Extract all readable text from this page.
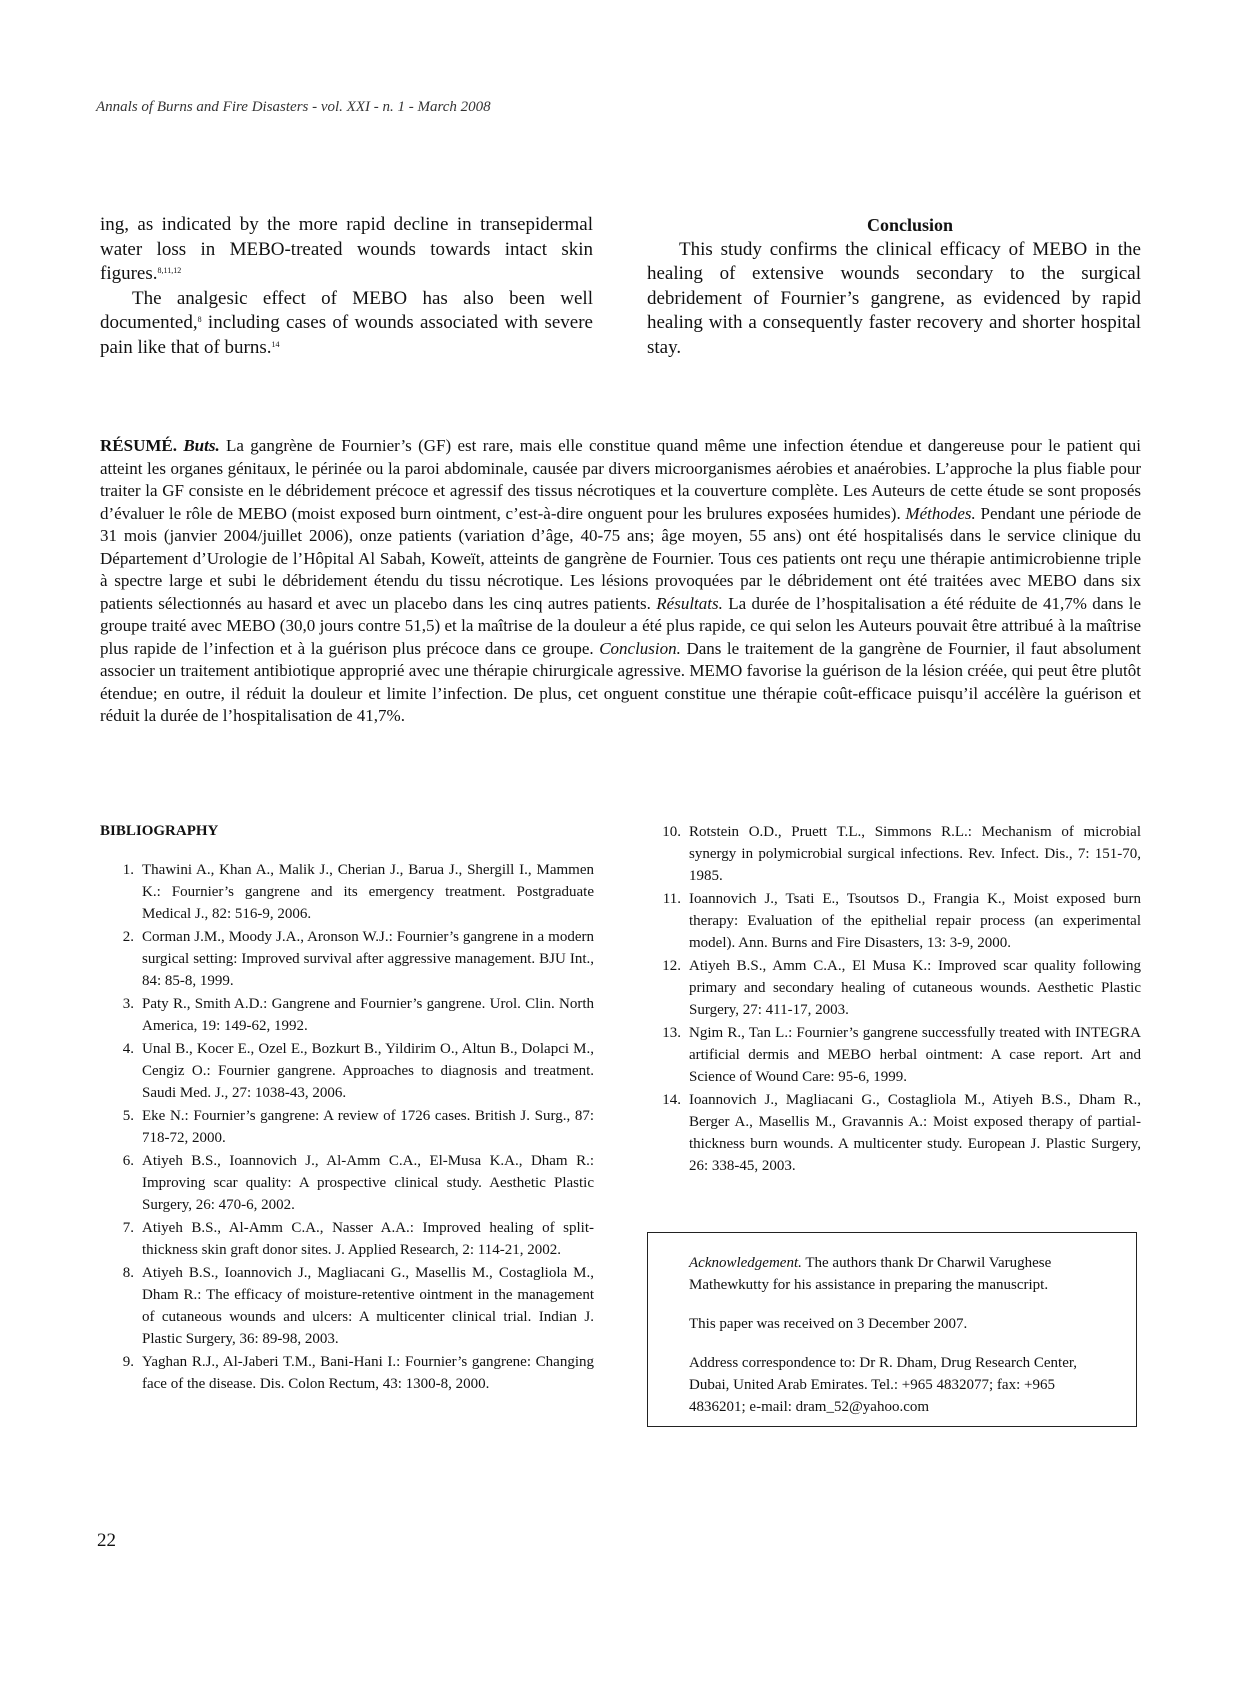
Annals of Burns and Fire Disasters - vol. XXI - n. 1 - March 2008

ing, as indicated by the more rapid decline in transepidermal water loss in MEBO-treated wounds towards intact skin figures.$^{8,11,12}$

The analgesic effect of MEBO has also been well documented,$^8$ including cases of wounds associated with severe pain like that of burns.$^{14}$

Conclusion

This study confirms the clinical efficacy of MEBO in the healing of extensive wounds secondary to the surgical debridement of Fournier’s gangrene, as evidenced by rapid healing with a consequently faster recovery and shorter hospital stay.

RÉSUMÉ. Buts. La gangrène de Fournier’s (GF) est rare, mais elle constitue quand même une infection étendue et dangereuse pour le patient qui atteint les organes génitaux, le périnée ou la paroi abdominale, causée par divers microorganismes aérobies et anaérobies. L’approche la plus fiable pour traiter la GF consiste en le débridement précoce et agressif des tissus nécrotiques et la couverture complète. Les Auteurs de cette étude se sont proposés d’évaluer le rôle de MEBO (moist exposed burn ointment, c’est-à-dire onguent pour les brulures exposées humides). Méthodes. Pendant une période de 31 mois (janvier 2004/juillet 2006), onze patients (variation d’âge, 40-75 ans; âge moyen, 55 ans) ont été hospitalisés dans le service clinique du Département d’Urologie de l’Hôpital Al Sabah, Koweït, atteints de gangrène de Fournier. Tous ces patients ont reçu une thérapie antimicrobienne triple à spectre large et subi le débridement étendu du tissu nécrotique. Les lésions provoquées par le débridement ont été traitées avec MEBO dans six patients sélectionnés au hasard et avec un placebo dans les cinq autres patients. Résultats. La durée de l’hospitalisation a été réduite de 41,7% dans le groupe traité avec MEBO (30,0 jours contre 51,5) et la maîtrise de la douleur a été plus rapide, ce qui selon les Auteurs pouvait être attribué à la maîtrise plus rapide de l’infection et à la guérison plus précoce dans ce groupe. Conclusion. Dans le traitement de la gangrène de Fournier, il faut absolument associer un traitement antibiotique approprié avec une thérapie chirurgicale agressive. MEMO favorise la guérison de la lésion créée, qui peut être plutôt étendue; en outre, il réduit la douleur et limite l’infection. De plus, cet onguent constitue une thérapie coût-efficace puisqu’il accélère la guérison et réduit la durée de l’hospitalisation de 41,7%.

BIBLIOGRAPHY
1. Thawini A., Khan A., Malik J., Cherian J., Barua J., Shergill I., Mammen K.: Fournier’s gangrene and its emergency treatment. Postgraduate Medical J., 82: 516-9, 2006.
2. Corman J.M., Moody J.A., Aronson W.J.: Fournier’s gangrene in a modern surgical setting: Improved survival after aggressive management. BJU Int., 84: 85-8, 1999.
3. Paty R., Smith A.D.: Gangrene and Fournier’s gangrene. Urol. Clin. North America, 19: 149-62, 1992.
4. Unal B., Kocer E., Ozel E., Bozkurt B., Yildirim O., Altun B., Dolapci M., Cengiz O.: Fournier gangrene. Approaches to diagnosis and treatment. Saudi Med. J., 27: 1038-43, 2006.
5. Eke N.: Fournier’s gangrene: A review of 1726 cases. British J. Surg., 87: 718-72, 2000.
6. Atiyeh B.S., Ioannovich J., Al-Amm C.A., El-Musa K.A., Dham R.: Improving scar quality: A prospective clinical study. Aesthetic Plastic Surgery, 26: 470-6, 2002.
7. Atiyeh B.S., Al-Amm C.A., Nasser A.A.: Improved healing of split-thickness skin graft donor sites. J. Applied Research, 2: 114-21, 2002.
8. Atiyeh B.S., Ioannovich J., Magliacani G., Masellis M., Costagliola M., Dham R.: The efficacy of moisture-retentive ointment in the management of cutaneous wounds and ulcers: A multicenter clinical trial. Indian J. Plastic Surgery, 36: 89-98, 2003.
9. Yaghan R.J., Al-Jaberi T.M., Bani-Hani I.: Fournier’s gangrene: Changing face of the disease. Dis. Colon Rectum, 43: 1300-8, 2000.
10. Rotstein O.D., Pruett T.L., Simmons R.L.: Mechanism of microbial synergy in polymicrobial surgical infections. Rev. Infect. Dis., 7: 151-70, 1985.
11. Ioannovich J., Tsati E., Tsoutsos D., Frangia K., Moist exposed burn therapy: Evaluation of the epithelial repair process (an experimental model). Ann. Burns and Fire Disasters, 13: 3-9, 2000.
12. Atiyeh B.S., Amm C.A., El Musa K.: Improved scar quality following primary and secondary healing of cutaneous wounds. Aesthetic Plastic Surgery, 27: 411-17, 2003.
13. Ngim R., Tan L.: Fournier’s gangrene successfully treated with INTEGRA artificial dermis and MEBO herbal ointment: A case report. Art and Science of Wound Care: 95-6, 1999.
14. Ioannovich J., Magliacani G., Costagliola M., Atiyeh B.S., Dham R., Berger A., Masellis M., Gravannis A.: Moist exposed therapy of partial-thickness burn wounds. A multicenter study. European J. Plastic Surgery, 26: 338-45, 2003.

Acknowledgement. The authors thank Dr Charwil Varughese Mathewkutty for his assistance in preparing the manuscript.

This paper was received on 3 December 2007.

Address correspondence to: Dr R. Dham, Drug Research Center, Dubai, United Arab Emirates. Tel.: +965 4832077; fax: +965 4836201; e-mail: dram_52@yahoo.com

22
